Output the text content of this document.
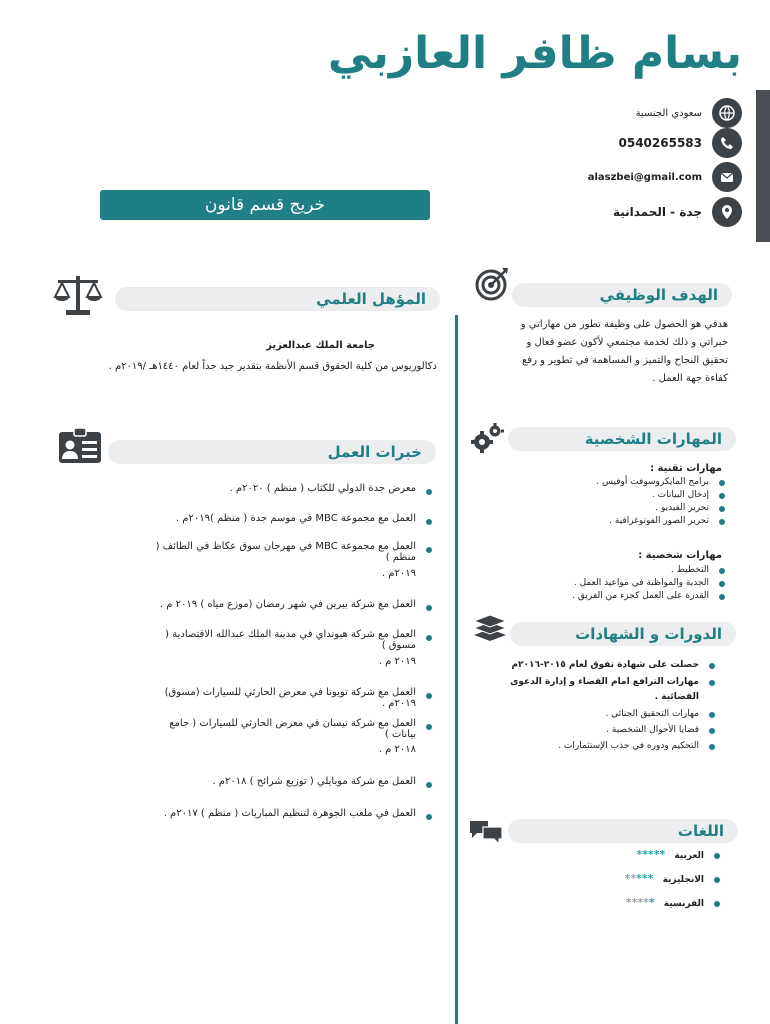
بسام ظافر العازبي
سعودي الجنسية
0540265583
alaszbei@gmail.com
جدة - الحمدانية
خريج قسم قانون
المؤهل العلمي
جامعة الملك عبدالعزيز
دكالوريوس من كلية الحقوق قسم الأنظمة بتقدير جيد جداً لعام ١٤٤٠هـ /٢٠١٩م .
خبرات العمل
معرض جدة الدولي للكتاب ( منظم ) ٢٠٢٠م .
العمل مع مجموعة MBC في موسم جدة ( منظم )٢٠١٩م .
العمل مع مجموعة MBC في مهرجان سوق عكاظ في الطائف ( منظم )
٢٠١٩م .
العمل مع شركة بيرين في شهر رمضان (موزع مياه ) ٢٠١٩ م .
العمل مع شركة هيونداي في مدينة الملك عبدالله الاقتصادية ( مسوق )
٢٠١٩ م .
العمل مع شركة تويوتا في معرض الحارثي للسيارات (مسوق) ٢٠١٩م .
العمل مع شركة نيسان في معرض الحارثي للسيارات ( جامع بيانات )
٢٠١٨ م .
العمل مع شركة موبايلي ( توزيع شرائح ) ٢٠١٨م .
العمل في ملعب الجوهرة لتنظيم المباريات ( منظم ) ٢٠١٧م .
الهدف الوظيفي
هدفي هو الحصول على وظيفة تطور من مهاراتي و
خبراتي و ذلك لخدمة مجتمعي لأكون عضو فعال و
تحقيق النجاح والتميز و المساهمة في تطوير و رفع
كفاءة جهة العمل .
المهارات الشخصية
مهارات تقنية :
برامج المايكروسوفت أوفيس .
إدخال البيانات .
تحرير الفيديو .
تحرير الصور الفوتوغرافية .
مهارات شخصية :
التخطيط .
الجدية والمواظبة في مواعيد العمل .
القدرة على العمل كجزء من الفريق .
الدورات و الشهادات
حصلت على شهادة تفوق لعام ٢٠١٥-٢٠١٦م
مهارات الترافع امام القضاء و إدارة الدعوى
القضائية .
مهارات التحقيق الجنائي .
قضايا الأحوال الشخصية .
التحكيم ودوره في جذب الإستثمارات .
اللغات
العربية *****
الانجليزية *****
الفرنسية *****
